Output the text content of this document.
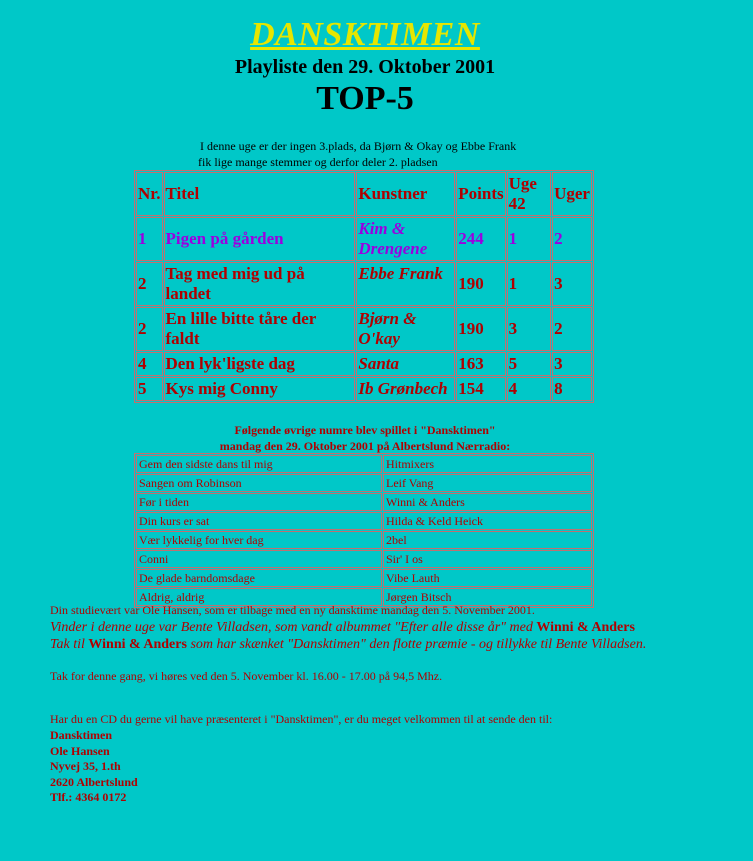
DANSKTIMEN
Playliste den 29. Oktober 2001
TOP-5
I denne uge er der ingen 3.plads, da Bjørn & Okay og Ebbe Frank
fik lige mange stemmer og derfor deler 2. pladsen
Nr.	Titel	Kunstner	Points	Uge 42	Uger
1	Pigen på gården	Kim & Drengene	244	1	2
2	Tag med mig ud på landet	Ebbe Frank	190	1	3
2	En lille bitte tåre der faldt	Bjørn & O'kay	190	3	2
4	Den lyk'ligste dag	Santa	163	5	3
5	Kys mig Conny	Ib Grønbech	154	4	8
Følgende øvrige numre blev spillet i "Dansktimen"
mandag den 29. Oktober 2001 på Albertslund Nærradio:
Gem den sidste dans til mig	Hitmixers
Sangen om Robinson	Leif Vang
Før i tiden	Winni & Anders
Din kurs er sat	Hilda & Keld Heick
Vær lykkelig for hver dag	2bel
Conni	Sir' I os
De glade barndomsdage	Vibe Lauth
Aldrig, aldrig	Jørgen Bitsch
Din studievært var Ole Hansen, som er tilbage med en ny dansktime mandag den 5. November 2001.
Vinder i denne uge var Bente Villadsen, som vandt albummet "Efter alle disse år" med Winni & Anders
Tak til Winni & Anders som har skænket "Dansktimen" den flotte præmie - og tillykke til Bente Villadsen.
Tak for denne gang, vi høres ved den 5. November kl. 16.00 - 17.00 på 94,5 Mhz.
Har du en CD du gerne vil have præsenteret i "Dansktimen", er du meget velkommen til at sende den til:
Dansktimen
Ole Hansen
Nyvej 35, 1.th
2620 Albertslund
Tlf.: 4364 0172
